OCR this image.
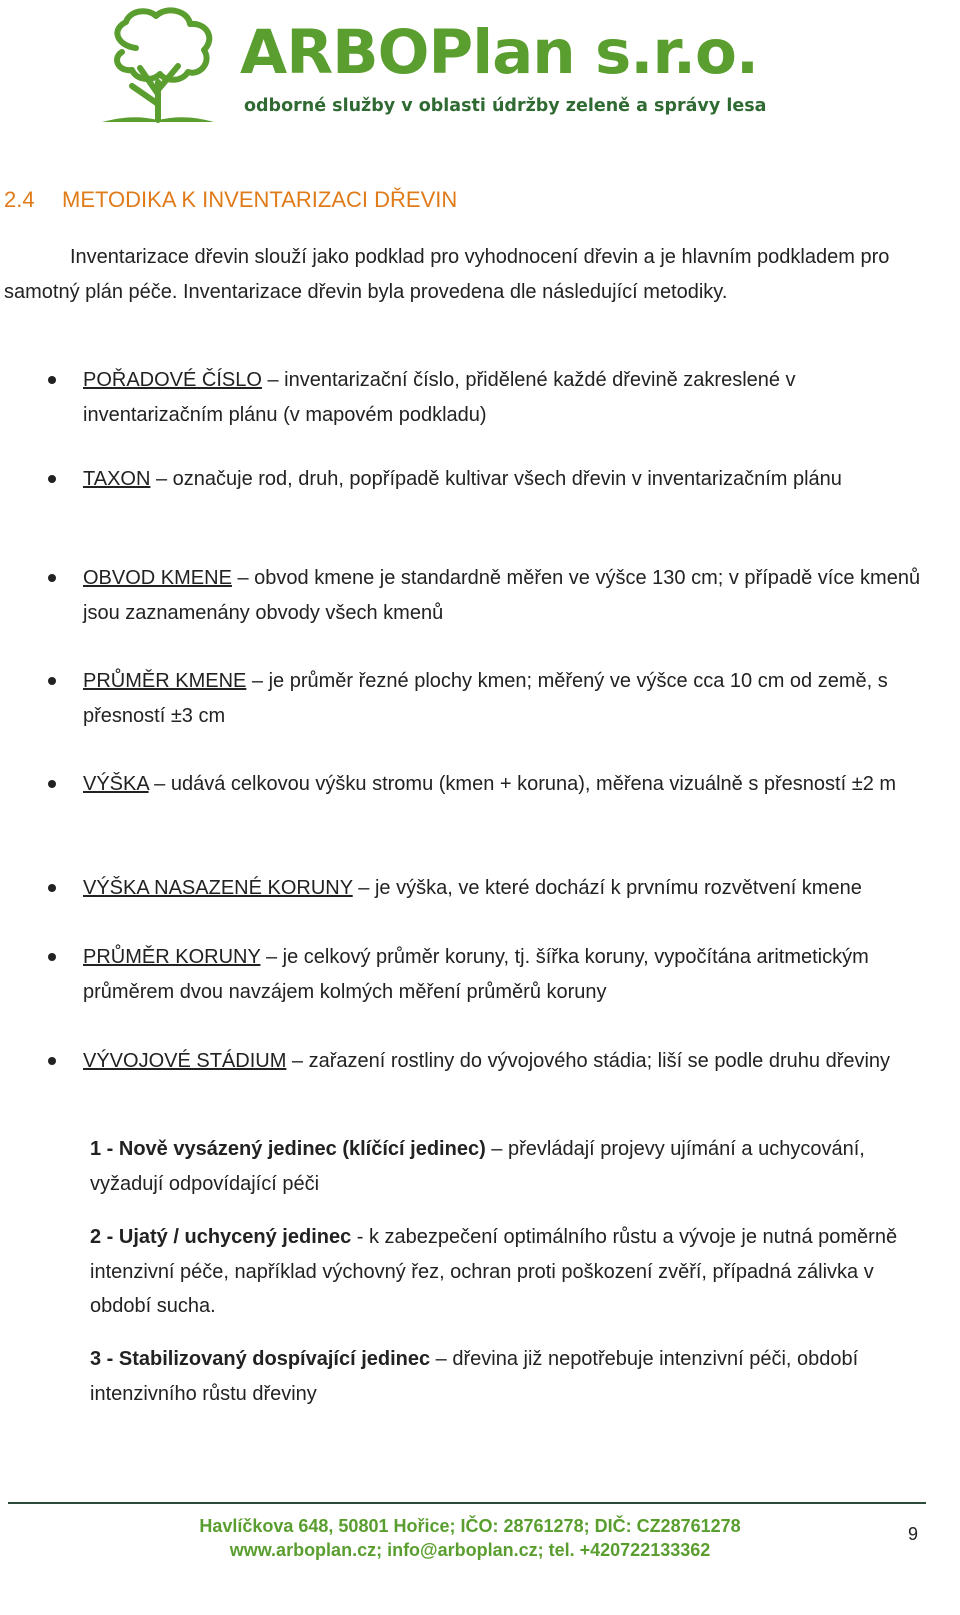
ARBOPlan s.r.o.
odborné služby v oblasti údržby zeleně a správy lesa
2.4 METODIKA K INVENTARIZACI DŘEVIN
Inventarizace dřevin slouží jako podklad pro vyhodnocení dřevin a je hlavním podkladem pro samotný plán péče. Inventarizace dřevin byla provedena dle následující metodiky.
POŘADOVÉ ČÍSLO – inventarizační číslo, přidělené každé dřevině zakreslené v inventarizačním plánu (v mapovém podkladu)
TAXON – označuje rod, druh, popřípadě kultivar všech dřevin v inventarizačním plánu
OBVOD KMENE – obvod kmene je standardně měřen ve výšce 130 cm; v případě více kmenů jsou zaznamenány obvody všech kmenů
PRŮMĚR KMENE – je průměr řezné plochy kmen; měřený ve výšce cca 10 cm od země, s přesností ±3 cm
VÝŠKA – udává celkovou výšku stromu (kmen + koruna), měřena vizuálně s přesností ±2 m
VÝŠKA NASAZENÉ KORUNY – je výška, ve které dochází k prvnímu rozvětvení kmene
PRŮMĚR KORUNY – je celkový průměr koruny, tj. šířka koruny, vypočítána aritmetickým průměrem dvou navzájem kolmých měření průměrů koruny
VÝVOJOVÉ STÁDIUM – zařazení rostliny do vývojového stádia; liší se podle druhu dřeviny
1 - Nově vysázený jedinec (klíčící jedinec) – převládají projevy ujímání a uchycování, vyžadují odpovídající péči
2 - Ujatý / uchycený jedinec - k zabezpečení optimálního růstu a vývoje je nutná poměrně intenzivní péče, například výchovný řez, ochran proti poškození zvěří, případná zálivka v období sucha.
3 - Stabilizovaný dospívající jedinec – dřevina již nepotřebuje intenzivní péči, období intenzivního růstu dřeviny
Havlíčkova 648, 50801 Hořice; IČO: 28761278; DIČ: CZ28761278
www.arboplan.cz; info@arboplan.cz; tel. +42072213336​2
9
